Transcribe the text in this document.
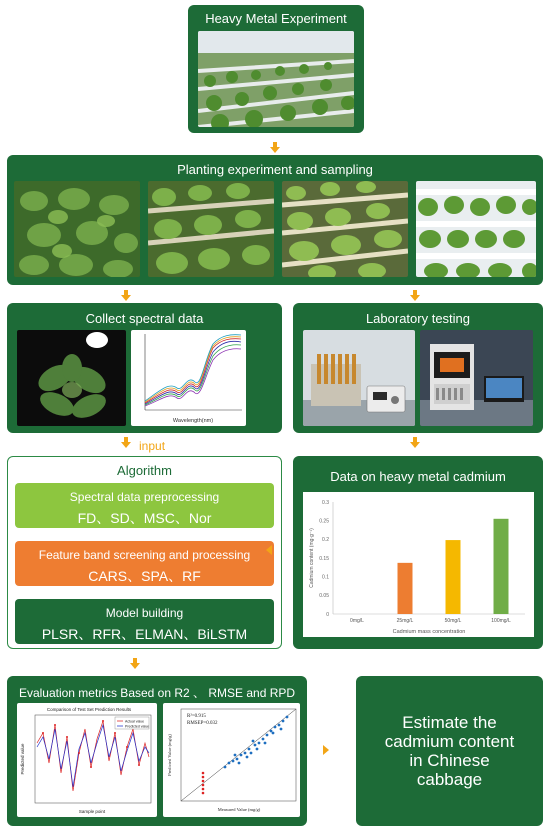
Heavy Metal Experiment
Planting experiment and sampling
Collect spectral data
Wavelength(nm)
Laboratory testing
input
Algorithm
Spectral data preprocessing
FD、SD、MSC、Nor
Feature band screening and processing
CARS、SPA、RF
Model building
PLSR、RFR、ELMAN、BiLSTM
Data on heavy metal cadmium
0
0.05
0.1
0.15
0.2
0.25
0.3
0mg/L	25mg/L	50mg/L	100mg/L
Cadmium mass concentration
Cadmium content (mg·g⁻¹)
Evaluation metrics Based on R2 、 RMSE and RPD
Comparison of Test Set Prediction Results
Actual value
Predicted value
Sample point
Predicted value
R²=0.915
RMSEP=0.032
Measured Value (mg/g)
Predicted Value (mg/g)
Estimate the
cadmium content
in Chinese
cabbage
